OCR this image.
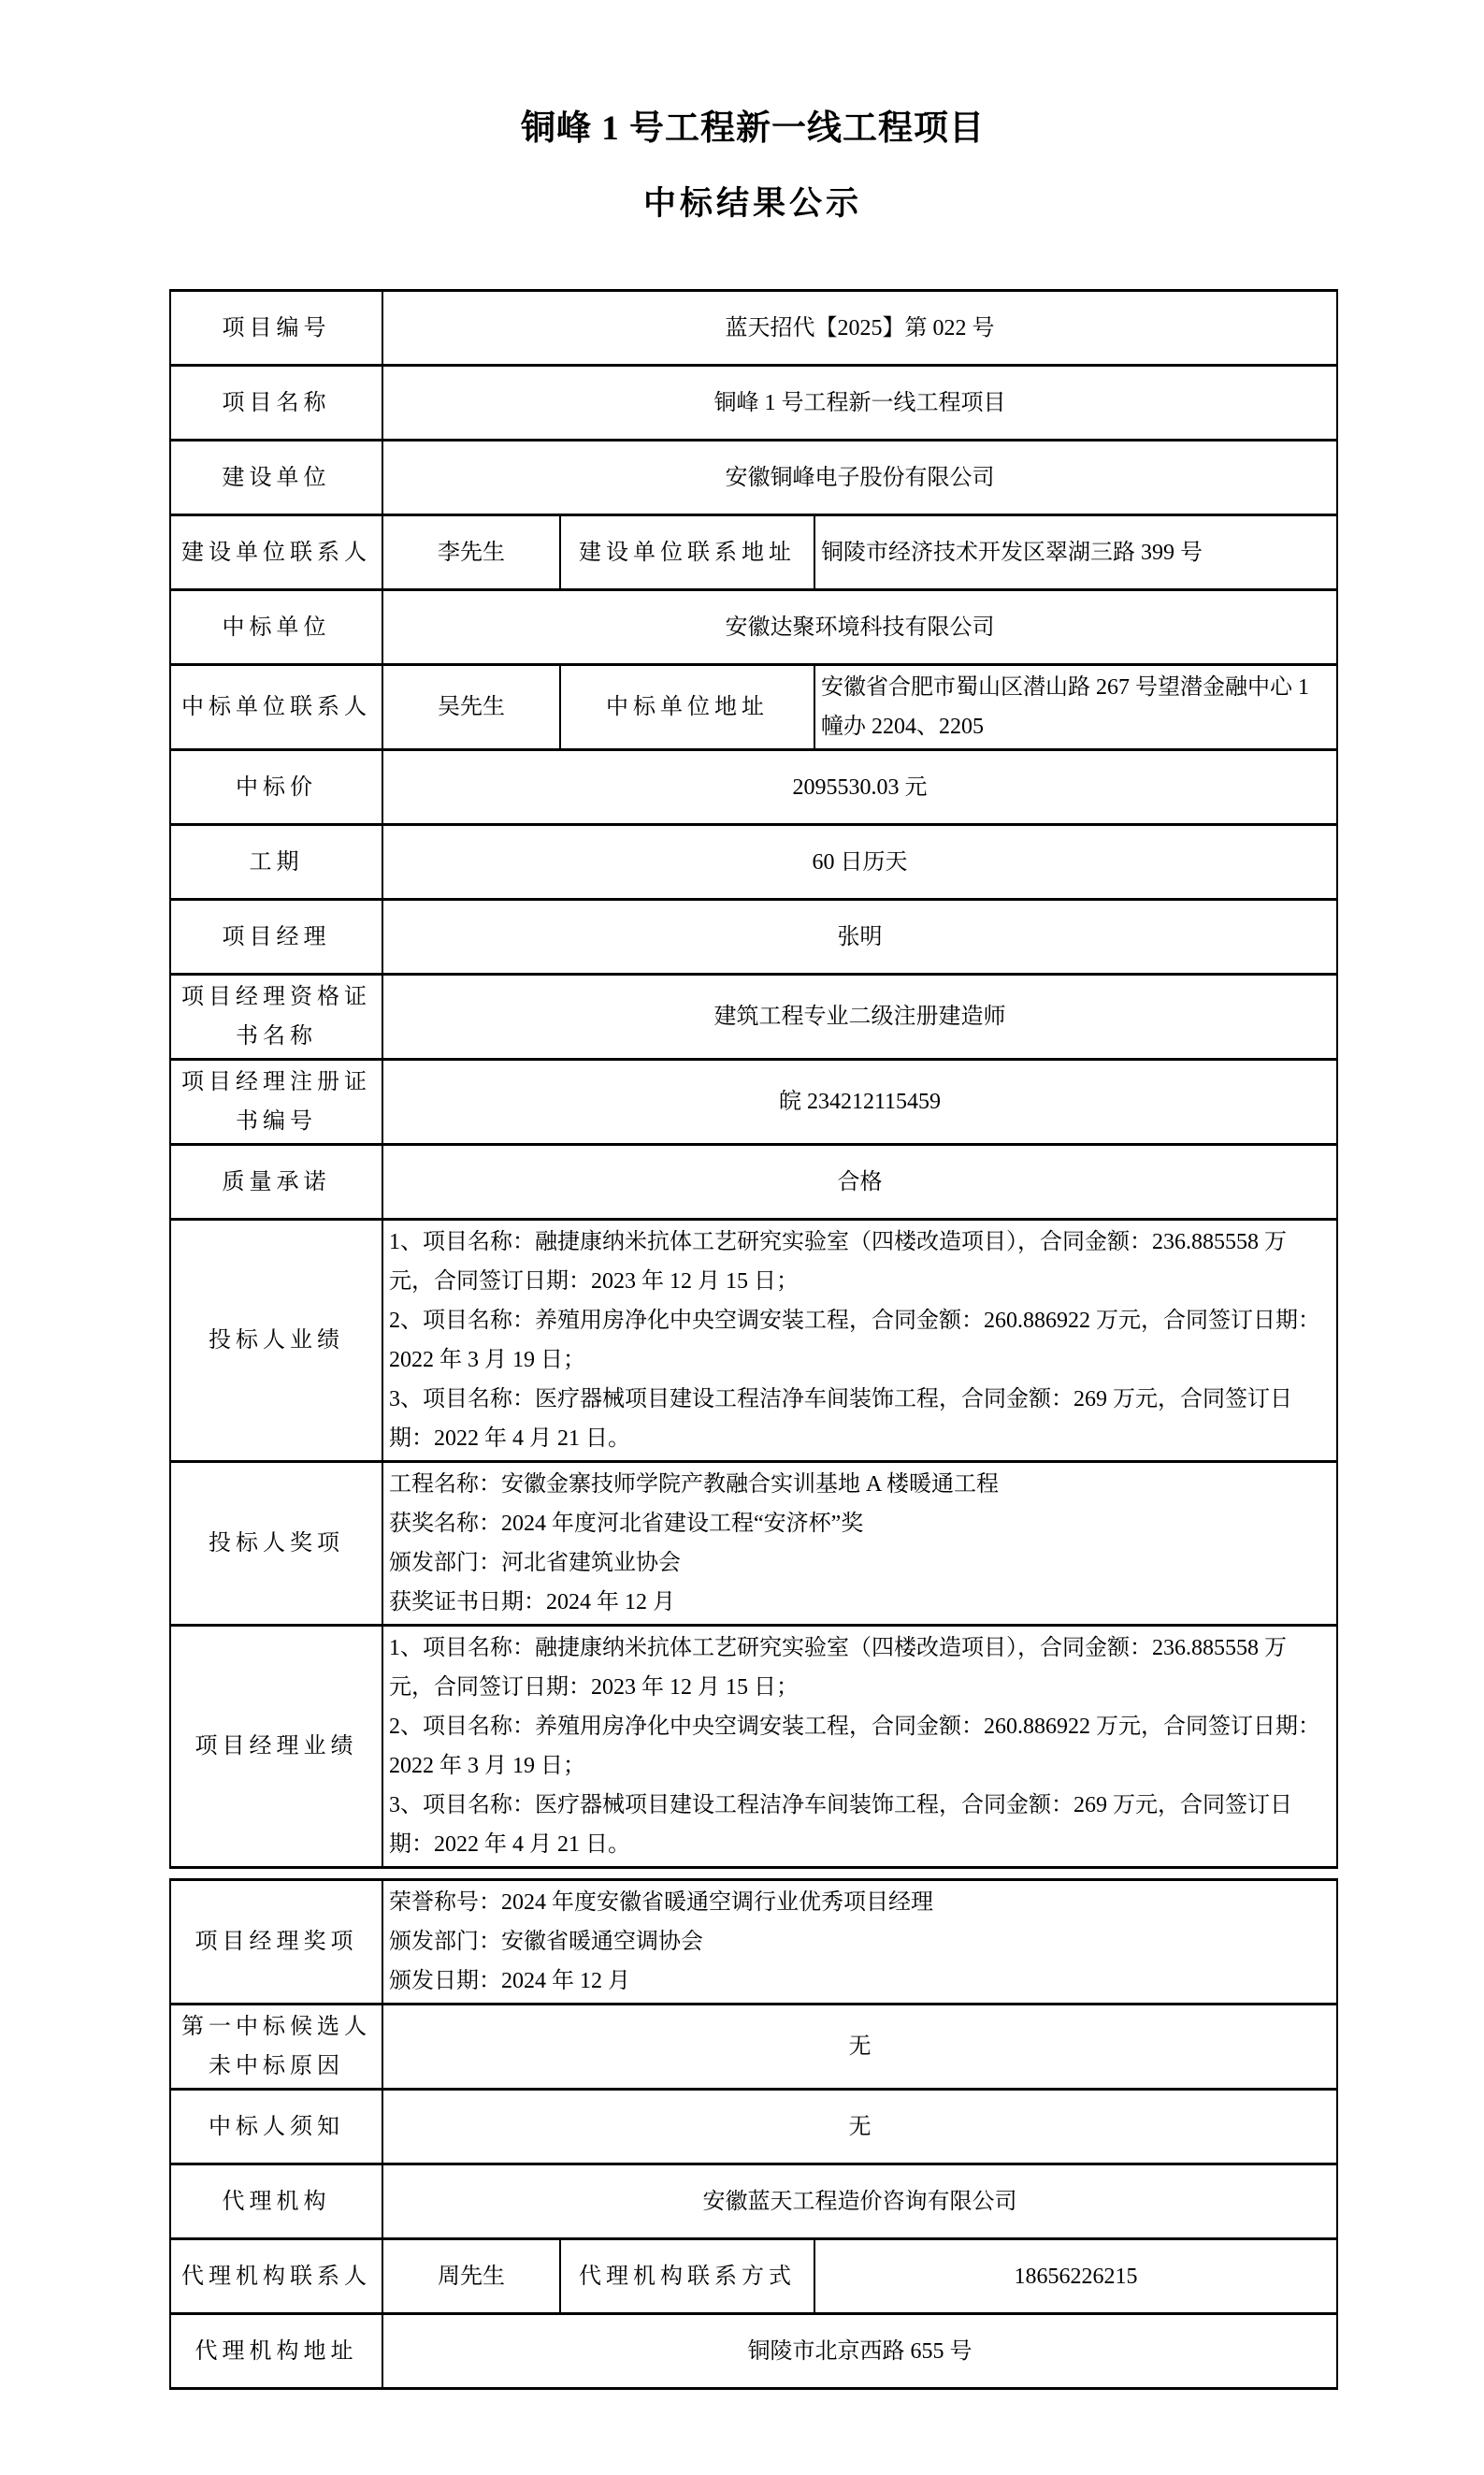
铜峰 1 号工程新一线工程项目
中标结果公示
项目编号	蓝天招代【2025】第 022 号		
项目名称	铜峰 1 号工程新一线工程项目		
建设单位	安徽铜峰电子股份有限公司		
建设单位联系人	李先生	建设单位联系地址	铜陵市经济技术开发区翠湖三路 399 号
中标单位	安徽达聚环境科技有限公司		
中标单位联系人	吴先生	中标单位地址	安徽省合肥市蜀山区潜山路 267 号望潜金融中心 1 幢办 2204、2205
中标价	2095530.03 元		
工期	60 日历天		
项目经理	张明		
项目经理资格证书名称	建筑工程专业二级注册建造师		
项目经理注册证书编号	皖 234212115459		
质量承诺	合格		
投标人业绩	1、项目名称：融捷康纳米抗体工艺研究实验室（四楼改造项目），合同金额：236.885558 万元，合同签订日期：2023 年 12 月 15 日；
2、项目名称：养殖用房净化中央空调安装工程，合同金额：260.886922 万元，合同签订日期：2022 年 3 月 19 日；
3、项目名称：医疗器械项目建设工程洁净车间装饰工程，合同金额：269 万元，合同签订日期：2022 年 4 月 21 日。		

投标人奖项	工程名称：安徽金寨技师学院产教融合实训基地 A 楼暖通工程
获奖名称：2024 年度河北省建设工程“安济杯”奖
颁发部门：河北省建筑业协会
获奖证书日期：2024 年 12 月		

项目经理业绩	1、项目名称：融捷康纳米抗体工艺研究实验室（四楼改造项目），合同金额：236.885558 万元，合同签订日期：2023 年 12 月 15 日；
2、项目名称：养殖用房净化中央空调安装工程，合同金额：260.886922 万元，合同签订日期：2022 年 3 月 19 日；
3、项目名称：医疗器械项目建设工程洁净车间装饰工程，合同金额：269 万元，合同签订日期：2022 年 4 月 21 日。		
项目经理奖项	荣誉称号：2024 年度安徽省暖通空调行业优秀项目经理
颁发部门：安徽省暖通空调协会
颁发日期：2024 年 12 月		

第一中标候选人未中标原因	无		
中标人须知	无		
代理机构	安徽蓝天工程造价咨询有限公司		
代理机构联系人	周先生	代理机构联系方式	18656226215
代理机构地址	铜陵市北京西路 655 号		
